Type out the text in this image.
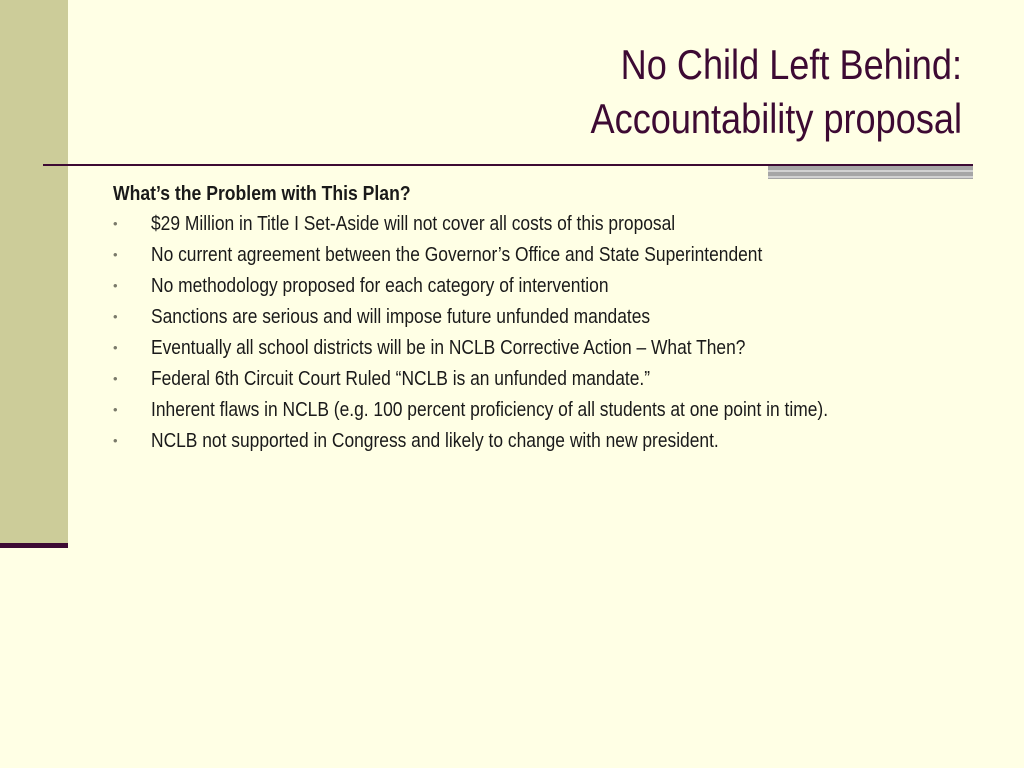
No Child Left Behind:
Accountability proposal
What’s the Problem with This Plan?
• $29 Million in Title I Set-Aside will not cover all costs of this proposal
• No current agreement between the Governor’s Office and State Superintendent
• No methodology proposed for each category of intervention
• Sanctions are serious and will impose future unfunded mandates
• Eventually all school districts will be in NCLB Corrective Action – What Then?
• Federal 6th Circuit Court Ruled “NCLB is an unfunded mandate.”
• Inherent flaws in NCLB (e.g. 100 percent proficiency of all students at one point in time).
• NCLB not supported in Congress and likely to change with new president.
